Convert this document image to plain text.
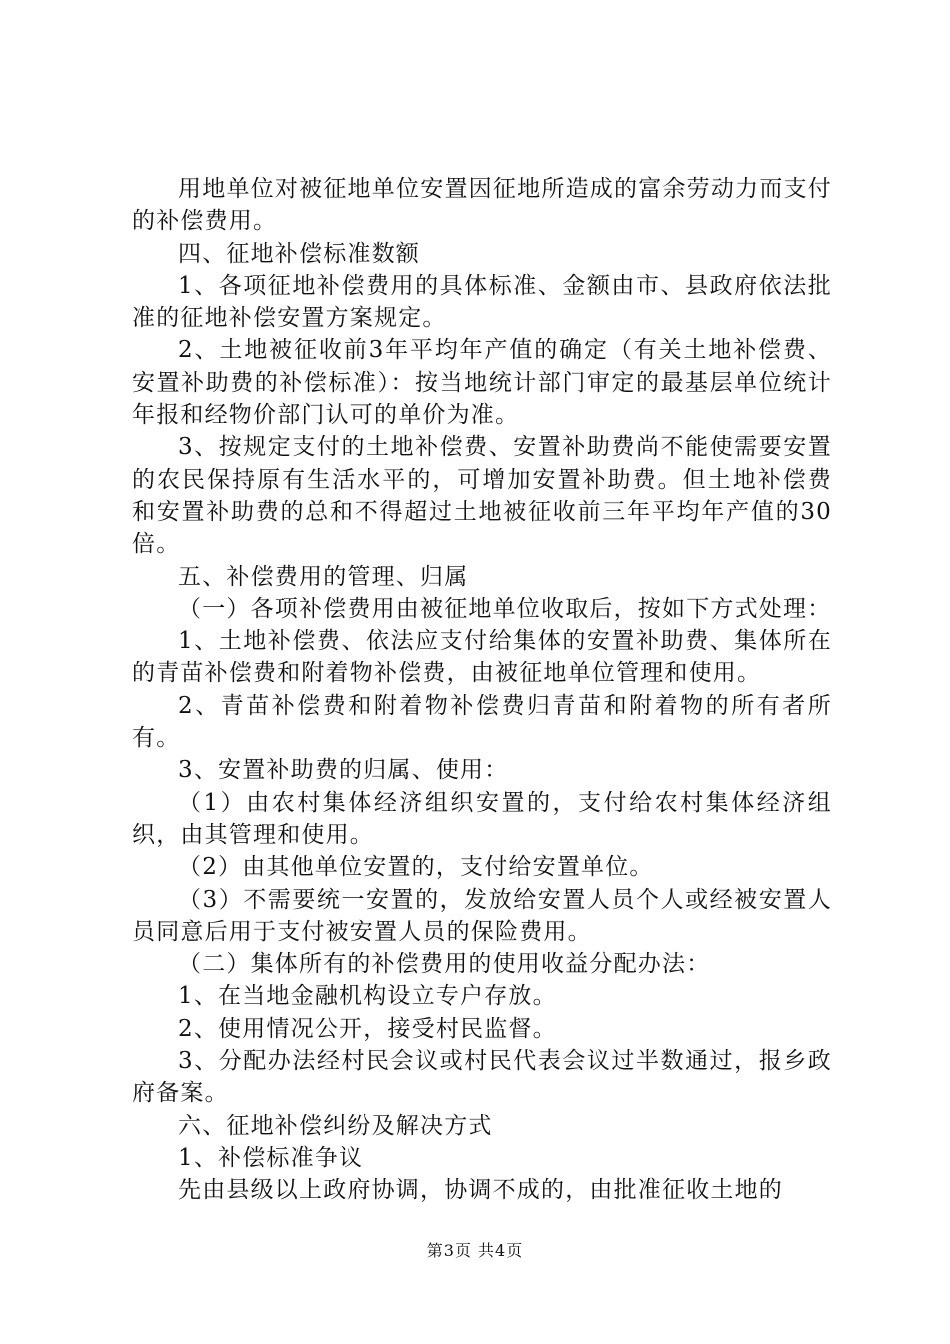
用地单位对被征地单位安置因征地所造成的富余劳动力而支付的补偿费用。

四、征地补偿标准数额

1、各项征地补偿费用的具体标准、金额由市、县政府依法批准的征地补偿安置方案规定。

2、土地被征收前3年平均年产值的确定（有关土地补偿费、安置补助费的补偿标准）：按当地统计部门审定的最基层单位统计年报和经物价部门认可的单价为准。

3、按规定支付的土地补偿费、安置补助费尚不能使需要安置的农民保持原有生活水平的，可增加安置补助费。但土地补偿费和安置补助费的总和不得超过土地被征收前三年平均年产值的30倍。

五、补偿费用的管理、归属

（一）各项补偿费用由被征地单位收取后，按如下方式处理：

1、土地补偿费、依法应支付给集体的安置补助费、集体所在的青苗补偿费和附着物补偿费，由被征地单位管理和使用。

2、青苗补偿费和附着物补偿费归青苗和附着物的所有者所有。

3、安置补助费的归属、使用：

（1）由农村集体经济组织安置的，支付给农村集体经济组织，由其管理和使用。

（2）由其他单位安置的，支付给安置单位。

（3）不需要统一安置的，发放给安置人员个人或经被安置人员同意后用于支付被安置人员的保险费用。

（二）集体所有的补偿费用的使用收益分配办法：

1、在当地金融机构设立专户存放。

2、使用情况公开，接受村民监督。

3、分配办法经村民会议或村民代表会议过半数通过，报乡政府备案。

六、征地补偿纠纷及解决方式

1、补偿标准争议

先由县级以上政府协调，协调不成的，由批准征收土地的

第3页 共4页
